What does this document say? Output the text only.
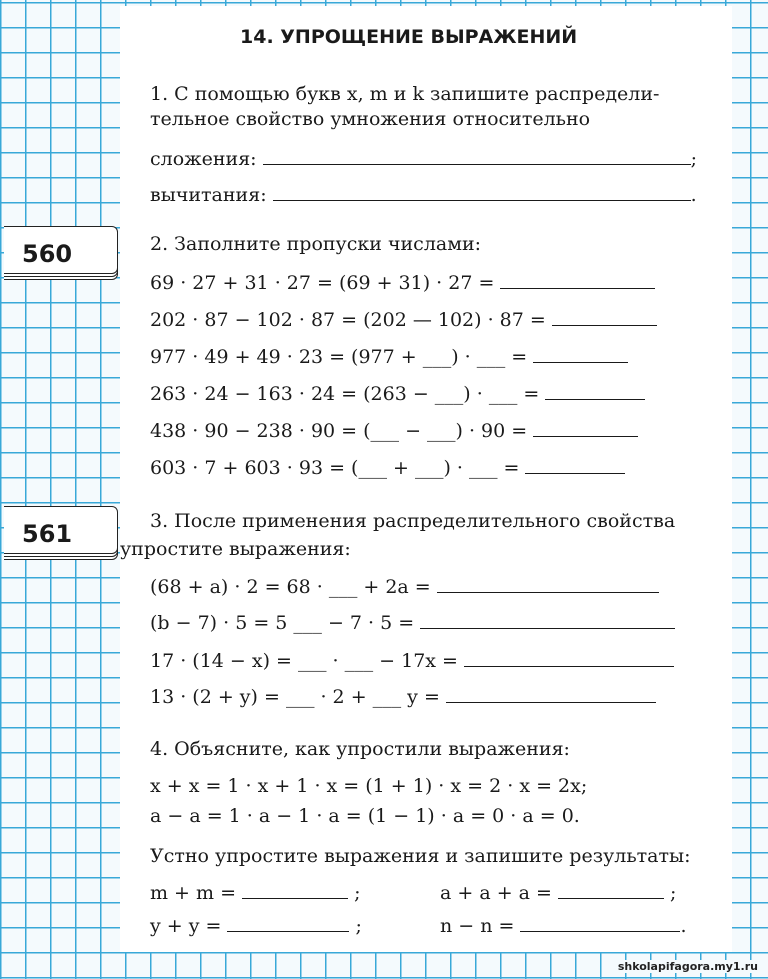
560
561
14. УПРОЩЕНИЕ ВЫРАЖЕНИЙ
1. С помощью букв x, m и k запишите распредели-
тельное свойство умножения относительно
сложения:	;
вычитания:	.
2. Заполните пропуски числами:
69 · 27 + 31 · 27 = (69 + 31) · 27 =
202 · 87 − 102 · 87 = (202 — 102) · 87 =
977 · 49 + 49 · 23 = (977 + ___) · ___ =
263 · 24 − 163 · 24 = (263 − ___) · ___ =
438 · 90 − 238 · 90 = (___ − ___) · 90 =
603 · 7 + 603 · 93 = (___ + ___) · ___ =
3. После применения распределительного свойства
упростите выражения:
(68 + a) · 2 = 68 · ___ + 2a =
(b − 7) · 5 = 5 ___ − 7 · 5 =
17 · (14 − x) = ___ · ___ − 17x =
13 · (2 + y) = ___ · 2 + ___ y =
4. Объясните, как упростили выражения:
x + x = 1 · x + 1 · x = (1 + 1) · x = 2 · x = 2x;
a − a = 1 · a − 1 · a = (1 − 1) · a = 0 · a = 0.
Устно упростите выражения и запишите результаты:
m + m =	;	a + a + a =	;
y + y =	;	n − n =	.
shkolapifagora.my1.ru
